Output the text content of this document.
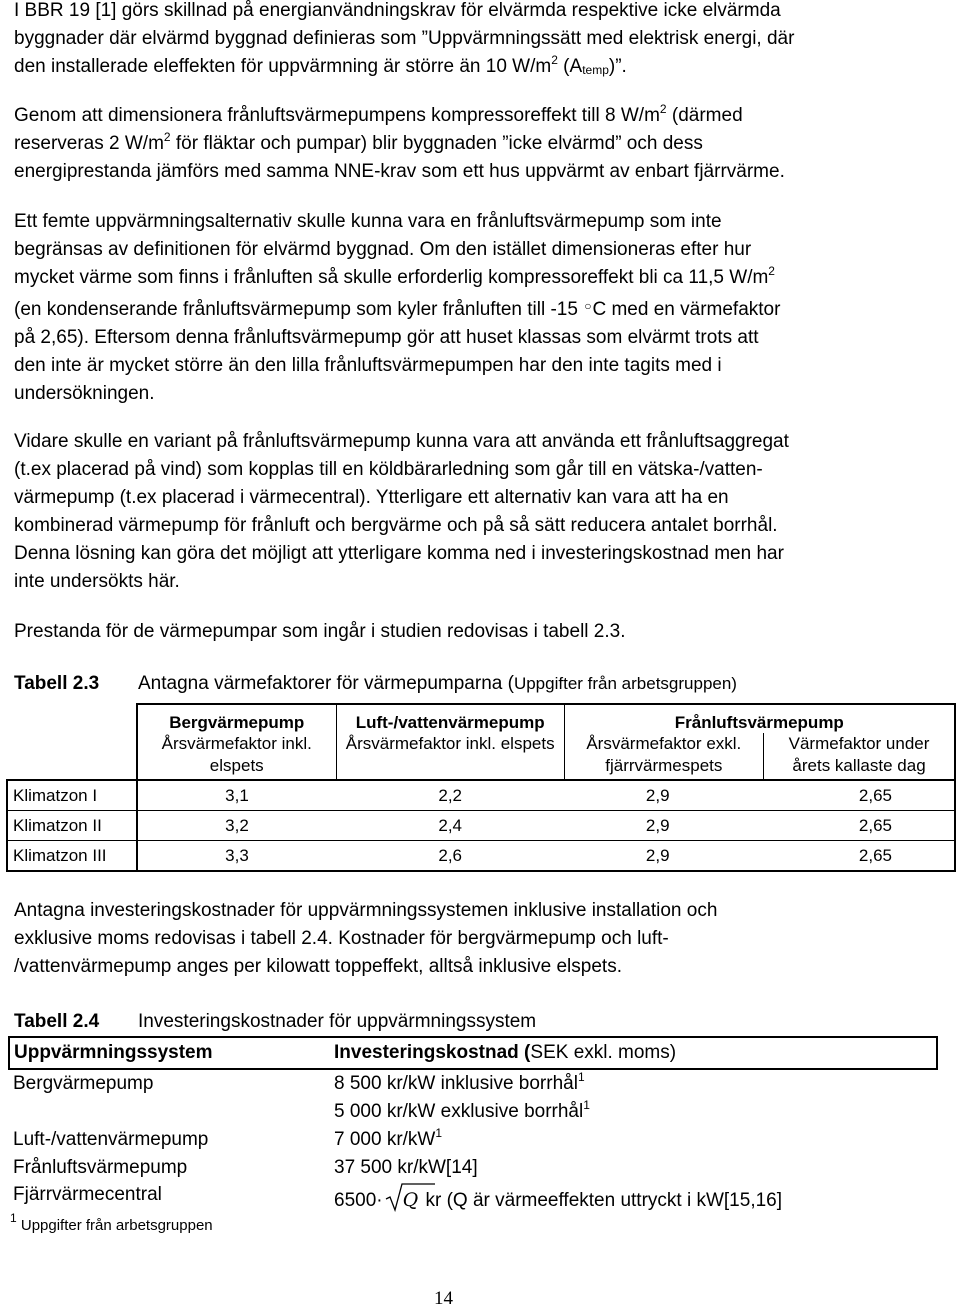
I BBR 19 [1] görs skillnad på energianvändningskrav för elvärmda respektive icke elvärmda
byggnader där elvärmd byggnad definieras som ”Uppvärmningssätt med elektrisk energi, där
den installerade eleffekten för uppvärmning är större än 10 $W/m^2$ $(A_{temp})$”.

Genom att dimensionera frånluftsvärmepumpens kompressoreffekt till 8 $W/m^2$ (därmed
reserveras 2 $W/m^2$ för fläktar och pumpar) blir byggnaden ”icke elvärmd” och dess
energiprestanda jämförs med samma NNE-krav som ett hus uppvärmt av enbart fjärrvärme.

Ett femte uppvärmningsalternativ skulle kunna vara en frånluftsvärmepump som inte
begränsas av definitionen för elvärmd byggnad. Om den istället dimensioneras efter hur
mycket värme som finns i frånluften så skulle erforderlig kompressoreffekt bli ca 11,5 $W/m^2$
(en kondenserande frånluftsvärmepump som kyler frånluften till -15 ○C med en värmefaktor
på 2,65). Eftersom denna frånluftsvärmepump gör att huset klassas som elvärmt trots att
den inte är mycket större än den lilla frånluftsvärmepumpen har den inte tagits med i
undersökningen.

Vidare skulle en variant på frånluftsvärmepump kunna vara att använda ett frånluftsaggregat
(t.ex placerad på vind) som kopplas till en köldbärarledning som går till en vätska-/vatten-
värmepump (t.ex placerad i värmecentral). Ytterligare ett alternativ kan vara att ha en
kombinerad värmepump för frånluft och bergvärme och på så sätt reducera antalet borrhål.
Denna lösning kan göra det möjligt att ytterligare komma ned i investeringskostnad men har
inte undersökts här.

Prestanda för de värmepumpar som ingår i studien redovisas i tabell 2.3.

Tabell 2.3	Antagna värmefaktorer för värmepumparna (Uppgifter från arbetsgruppen)
	Bergvärmepump	Luft-/vattenvärmepump	Frånluftsvärmepump	
	Årsvärmefaktor inkl. elspets	Årsvärmefaktor inkl. elspets	Årsvärmefaktor exkl. fjärrvärmespets	Värmefaktor under årets kallaste dag
Klimatzon I	3,1	2,2	2,9	2,65
Klimatzon II	3,2	2,4	2,9	2,65
Klimatzon III	3,3	2,6	2,9	2,65

Antagna investeringskostnader för uppvärmningssystemen inklusive installation och
exklusive moms redovisas i tabell 2.4. Kostnader för bergvärmepump och luft-
/vattenvärmepump anges per kilowatt toppeffekt, alltså inklusive elspets.

Tabell 2.4	Investeringskostnader för uppvärmningssystem
Uppvärmningssystem	Investeringskostnad (SEK exkl. moms)
Bergvärmepump	8 500 kr/kW inklusive borrhål$^1$
	5 000 kr/kW exklusive borrhål$^1$
Luft-/vattenvärmepump	7 000 $kr/kW^1$
Frånluftsvärmepump	37 500 kr/kW[14]
Fjärrvärmecentral	6500· Q kr (Q är värmeeffekten uttryckt i kW[15,16]
$^1$ Uppgifter från arbetsgruppen
14
